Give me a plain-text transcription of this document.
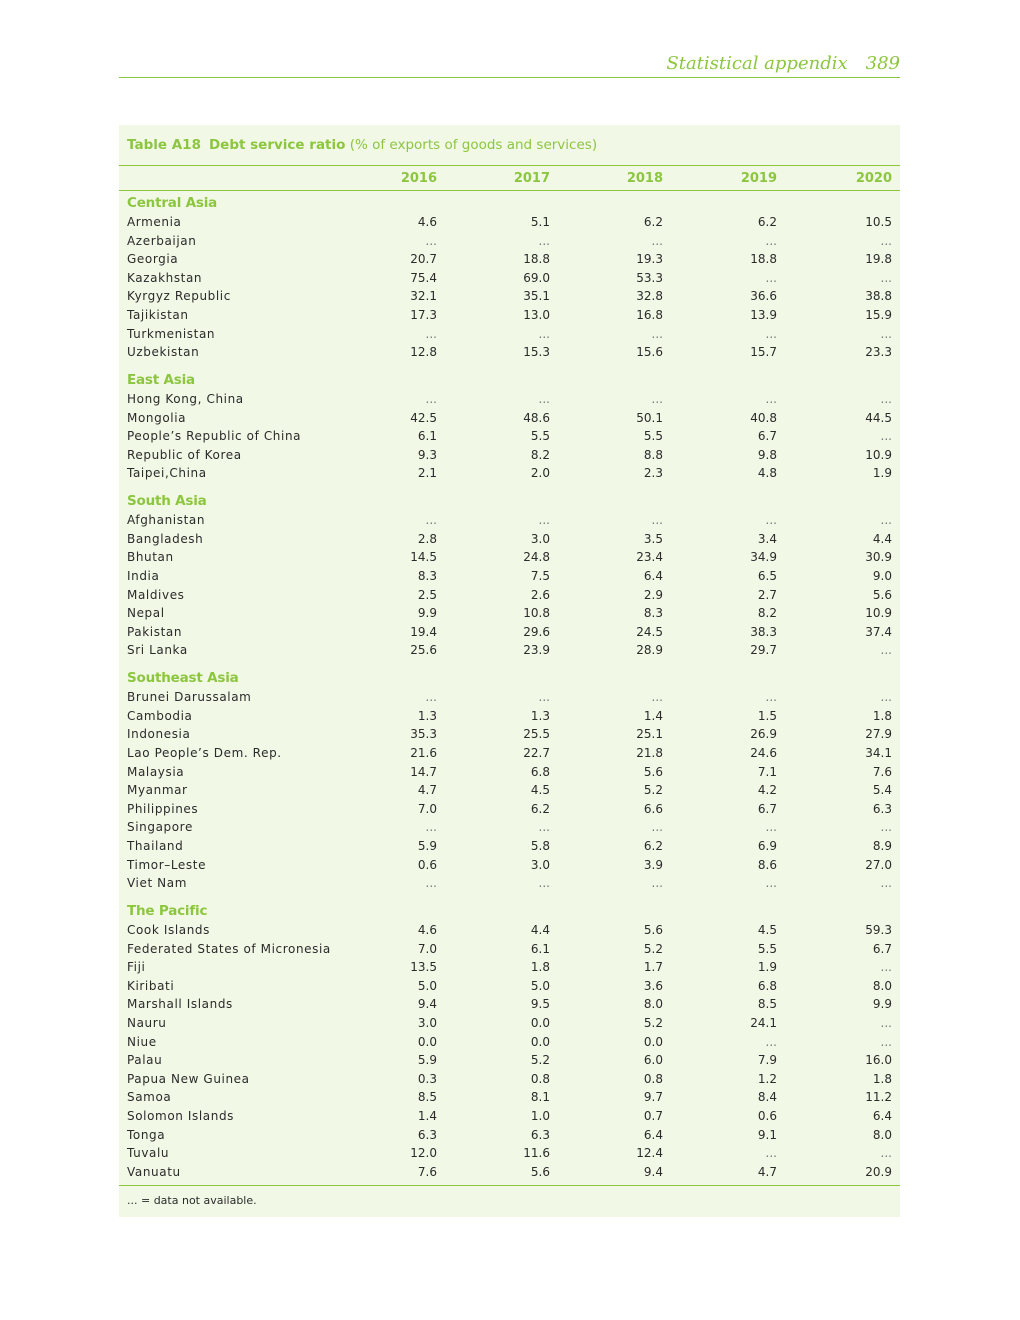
Statistical appendix 389
Table A18 Debt service ratio (% of exports of goods and services)
2016	2017	2018	2019	2020
Central Asia
Armenia	4.6	5.1	6.2	6.2	10.5
Azerbaijan	...	...	...	...	...
Georgia	20.7	18.8	19.3	18.8	19.8
Kazakhstan	75.4	69.0	53.3	...	...
Kyrgyz Republic	32.1	35.1	32.8	36.6	38.8
Tajikistan	17.3	13.0	16.8	13.9	15.9
Turkmenistan	...	...	...	...	...
Uzbekistan	12.8	15.3	15.6	15.7	23.3
East Asia
Hong Kong, China	...	...	...	...	...
Mongolia	42.5	48.6	50.1	40.8	44.5
People’s Republic of China	6.1	5.5	5.5	6.7	...
Republic of Korea	9.3	8.2	8.8	9.8	10.9
Taipei,China	2.1	2.0	2.3	4.8	1.9
South Asia
Afghanistan	...	...	...	...	...
Bangladesh	2.8	3.0	3.5	3.4	4.4
Bhutan	14.5	24.8	23.4	34.9	30.9
India	8.3	7.5	6.4	6.5	9.0
Maldives	2.5	2.6	2.9	2.7	5.6
Nepal	9.9	10.8	8.3	8.2	10.9
Pakistan	19.4	29.6	24.5	38.3	37.4
Sri Lanka	25.6	23.9	28.9	29.7	...
Southeast Asia
Brunei Darussalam	...	...	...	...	...
Cambodia	1.3	1.3	1.4	1.5	1.8
Indonesia	35.3	25.5	25.1	26.9	27.9
Lao People’s Dem. Rep.	21.6	22.7	21.8	24.6	34.1
Malaysia	14.7	6.8	5.6	7.1	7.6
Myanmar	4.7	4.5	5.2	4.2	5.4
Philippines	7.0	6.2	6.6	6.7	6.3
Singapore	...	...	...	...	...
Thailand	5.9	5.8	6.2	6.9	8.9
Timor–Leste	0.6	3.0	3.9	8.6	27.0
Viet Nam	...	...	...	...	...
The Pacific
Cook Islands	4.6	4.4	5.6	4.5	59.3
Federated States of Micronesia	7.0	6.1	5.2	5.5	6.7
Fiji	13.5	1.8	1.7	1.9	...
Kiribati	5.0	5.0	3.6	6.8	8.0
Marshall Islands	9.4	9.5	8.0	8.5	9.9
Nauru	3.0	0.0	5.2	24.1	...
Niue	0.0	0.0	0.0	...	...
Palau	5.9	5.2	6.0	7.9	16.0
Papua New Guinea	0.3	0.8	0.8	1.2	1.8
Samoa	8.5	8.1	9.7	8.4	11.2
Solomon Islands	1.4	1.0	0.7	0.6	6.4
Tonga	6.3	6.3	6.4	9.1	8.0
Tuvalu	12.0	11.6	12.4	...	...
Vanuatu	7.6	5.6	9.4	4.7	20.9
... = data not available.
